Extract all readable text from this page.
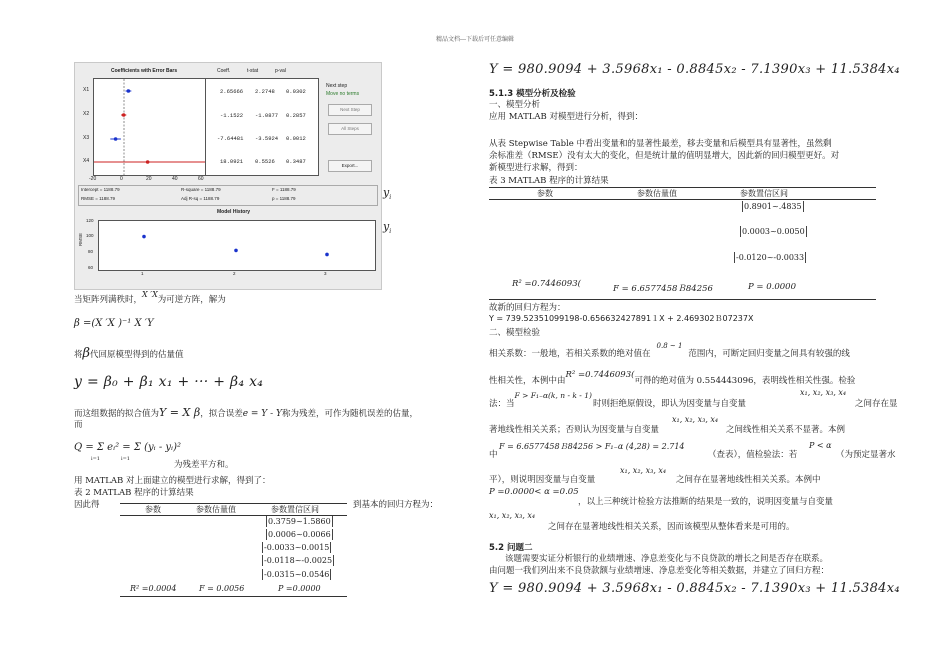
精品文档---下载后可任意编辑
Coefficients with Error Bars	Coeff.	t-stat	p-val
X1
X2
X3
X4
-20	0	20	40	60
2.65666 2.2748 0.0302
-1.1522 -1.0877 0.2857
-7.64481 -3.5924 0.0012
18.0921 0.5526 0.3487
Next step
Move no terms
Next Step
All Steps
Export...
Intercept = 1188.79	R-square = 1188.79	F = 1188.79
RMSE = 1188.79	Adj R-sq = 1188.79	p = 1188.79
Model History
RMSE
120
100
80
60
1	2	3
$y_i$
$y_i$
当矩阵列满秩时，X ′X为可逆方阵，解为
β =(X ′X )⁻¹ X ′Y
将β代回原模型得到的估量值
y = β₀ + β₁ x₁ + ··· + β₄ x₄
而这组数据的拟合值为Y = X β，拟合误差e = Y - Y称为残差，可作为随机误差的估量，
而
Q = Σ eᵢ² = Σ (yᵢ - yᵢ)²
i=1	i=1
为残差平方和。
用 MATLAB 对上面建立的模型进行求解，得到了：
表 2 MATLAB 程序的计算结果
因此得	到基本的回归方程为：
参数	参数估量值	参数置信区间
0.3759~1.5860
0.0006~0.0066
-0.0033~0.0015
-0.0118~-0.0025
-0.0315~0.0546
R² =0.0004	F = 0.0056	P =0.0000
Y = 980.9094 + 3.5968x₁ - 0.8845x₂ - 7.1390x₃ + 11.5384x₄
5.1.3 模型分析及检验
一、模型分析
应用 MATLAB 对模型进行分析，得到：
从表 Stepwise Table 中看出变量和的显著性最差，移去变量和后模型具有显著性，虽然剩
余标准差（RMSE）没有太大的变化，但是统计量的值明显增大，因此新的回归模型更好。对
新模型进行求解，得到：
表 3 MATLAB 程序的计算结果
参数	参数估量值	参数置信区间
0.8901~.4835
0.0003~0.0050
-0.0120~-0.0033
R² =0.7446093(	F = 6.6577458Ｂ84256	P = 0.0000
故新的回归方程为：
Y = 739.52351099198-0.656632427891１X + 2.469302Ｂ07237X
二、模型检验
相关系数：一般地，若相关系数的绝对值在$^{0.8 \sim 1}$范围内，可断定回归变量之间具有较强的线
性相关性，本例中由R² =0.7446093(可得的绝对值为 0.554443096，表明线性相关性强。检验
法：当F > F₁₋α(k, n - k - 1)
时则拒绝原假设，即认为因变量与自变量
x₁, x₂, x₃, x₄
之间存在显
著地线性相关关系；否则认为因变量与自变量
x₁, x₂, x₃, x₄
之间线性相关关系不显著。本例
中
F = 6.6577458Ｂ84256 > F₁₋α (4,28) = 2.714
（查表），值检验法：若
P < α
（为预定显著水
x₁, x₂, x₃, x₄
平），则说明因变量与自变量	之间存在显著地线性相关关系。本例中
P =0.0000< α =0.05
，以上三种统计检验方法推断的结果是一致的，说明因变量与自变量
x₁, x₂, x₃, x₄
之间存在显著地线性相关关系，因而该模型从整体看来是可用的。
5.2 问题二
该题需要实证分析银行的业绩增速、净息差变化与不良贷款的增长之间是否存在联系。
由问题一我们列出来不良贷款额与业绩增速、净息差变化等相关数据，并建立了回归方程：
Y = 980.9094 + 3.5968x₁ - 0.8845x₂ - 7.1390x₃ + 11.5384x₄
